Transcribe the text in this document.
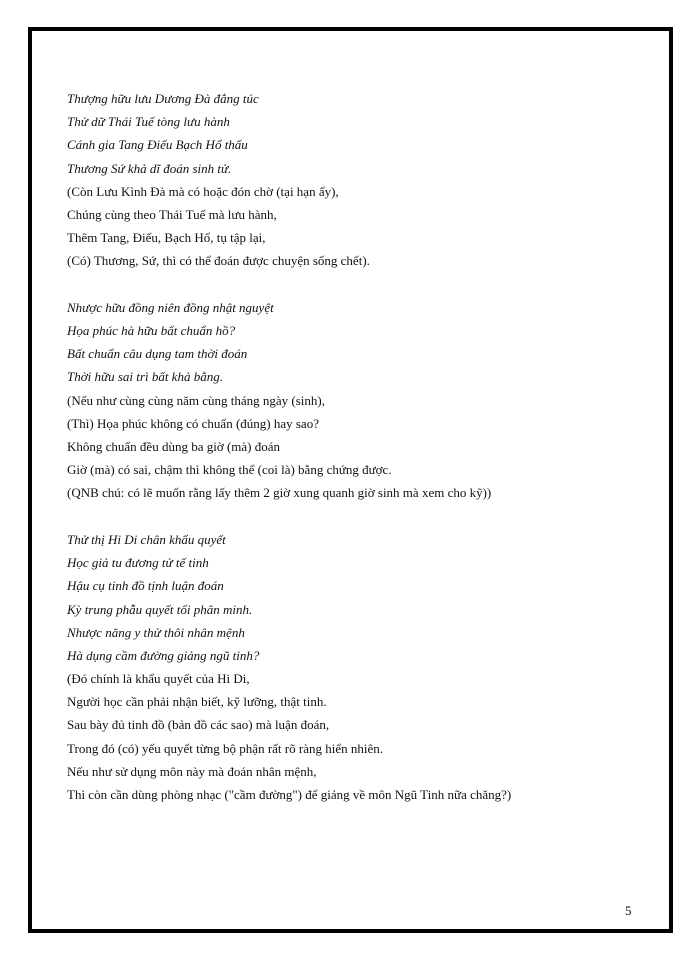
Thượng hữu lưu Dương Đà đẳng túc
Thử dữ Thái Tuế tòng lưu hành
Cánh gia Tang Điếu Bạch Hổ thấu
Thương Sứ khả dĩ đoán sinh tử.
(Còn Lưu Kình Đà mà có hoặc đón chờ (tại hạn ấy),
Chúng cùng theo Thái Tuế mà lưu hành,
Thêm Tang, Điếu, Bạch Hổ, tụ tập lại,
(Có) Thương, Sứ, thì có thể đoán được chuyện sống chết).
Nhược hữu đồng niên đồng nhật nguyệt
Họa phúc hà hữu bất chuẩn hồ?
Bất chuẩn câu dụng tam thời đoán
Thời hữu sai trì bất khả bằng.
(Nếu như cùng cùng năm cùng tháng ngày (sinh),
(Thì) Họa phúc không có chuẩn (đúng) hay sao?
Không chuẩn đều dùng ba giờ (mà) đoán
Giờ (mà) có sai, chậm thì không thể (coi là) bằng chứng được.
(QNB chú: có lẽ muốn rằng lấy thêm 2 giờ xung quanh giờ sinh mà xem cho kỹ))
Thử thị Hi Di chân khẩu quyết
Học giả tu đương tử tế tinh
Hậu cụ tinh đồ tịnh luận đoán
Kỳ trung phẫu quyết tối phân minh.
Nhược năng y thử thôi nhân mệnh
Hà dụng cầm đường giảng ngũ tinh?
(Đó chính là khẩu quyết của Hi Di,
Người học cần phải nhận biết, kỹ lưỡng, thật tinh.
Sau bày đủ tinh đồ (bản đồ các sao) mà luận đoán,
Trong đó (có) yếu quyết từng bộ phận rất rõ ràng hiển nhiên.
Nếu như sử dụng môn này mà đoán nhân mệnh,
Thì còn cần dùng phòng nhạc ("cầm đường") để giảng về môn Ngũ Tinh nữa chăng?)
5
